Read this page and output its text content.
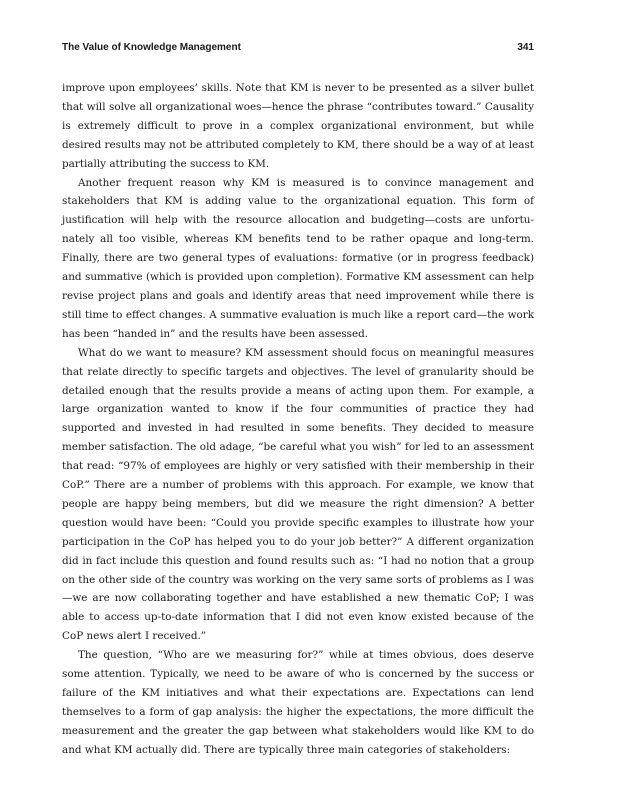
The Value of Knowledge Management	341

improve upon employees’ skills. Note that KM is never to be presented as a silver bullet that will solve all organizational woes—hence the phrase “contributes toward.” Causality is extremely difficult to prove in a complex organizational environment, but while desired results may not be attributed completely to KM, there should be a way of at least partially attributing the success to KM.

Another frequent reason why KM is measured is to convince management and stakeholders that KM is adding value to the organizational equation. This form of justification will help with the resource allocation and budgeting—costs are unfortunately all too visible, whereas KM benefits tend to be rather opaque and long-term. Finally, there are two general types of evaluations: formative (or in progress feedback) and summative (which is provided upon completion). Formative KM assessment can help revise project plans and goals and identify areas that need improvement while there is still time to effect changes. A summative evaluation is much like a report card—the work has been “handed in” and the results have been assessed.

What do we want to measure? KM assessment should focus on meaningful measures that relate directly to specific targets and objectives. The level of granularity should be detailed enough that the results provide a means of acting upon them. For example, a large organization wanted to know if the four communities of practice they had supported and invested in had resulted in some benefits. They decided to measure member satisfaction. The old adage, “be careful what you wish” for led to an assessment that read: “97% of employees are highly or very satisfied with their membership in their CoP.” There are a number of problems with this approach. For example, we know that people are happy being members, but did we measure the right dimension? A better question would have been: “Could you provide specific examples to illustrate how your participation in the CoP has helped you to do your job better?” A different organization did in fact include this question and found results such as: “I had no notion that a group on the other side of the country was working on the very same sorts of problems as I was—we are now collaborating together and have established a new thematic CoP; I was able to access up-to-date information that I did not even know existed because of the CoP news alert I received.”

The question, “Who are we measuring for?” while at times obvious, does deserve some attention. Typically, we need to be aware of who is concerned by the success or failure of the KM initiatives and what their expectations are. Expectations can lend themselves to a form of gap analysis: the higher the expectations, the more difficult the measurement and the greater the gap between what stakeholders would like KM to do and what KM actually did. There are typically three main categories of stakeholders:
